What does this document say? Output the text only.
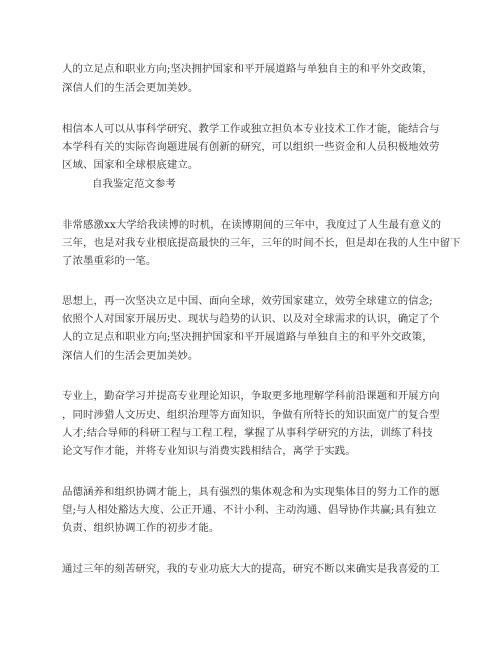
人的立足点和职业方向;坚决拥护国家和平开展道路与单独自主的和平外交政策，
深信人们的生活会更加美妙。
相信本人可以从事科学研究、教学工作或独立担负本专业技术工作才能，能结合与
本学科有关的实际咨询题进展有创新的研究，可以组织一些资金和人员积极地效劳
区域、国家和全球根底建立。
自我鉴定范文参考
非常感激xx大学给我读博的时机，在读博期间的三年中，我度过了人生最有意义的
三年，也是对我专业根底提高最快的三年，三年的时间不长，但是却在我的人生中留下
了浓墨重彩的一笔。
思想上，再一次坚决立足中国、面向全球，效劳国家建立，效劳全球建立的信念;
依照个人对国家开展历史、现状与趋势的认识、以及对全球需求的认识，确定了个
人的立足点和职业方向;坚决拥护国家和平开展道路与单独自主的和平外交政策，
深信人们的生活会更加美妙。
专业上，勤奋学习并提高专业理论知识，争取更多地理解学科前沿课题和开展方向
，同时涉猎人文历史、组织治理等方面知识，争做有所特长的知识面宽广的复合型
人才;结合导师的科研工程与工程工程，掌握了从事科学研究的方法，训练了科技
论文写作才能，并将专业知识与消费实践相结合，离学于实践。
品德涵养和组织协调才能上，具有强烈的集体观念和为实现集体目的努力工作的愿
望;与人相处豁达大度、公正开通、不计小利、主动沟通、倡导协作共赢;具有独立
负责、组织协调工作的初步才能。
通过三年的刻苦研究，我的专业功底大大的提高，研究不断以来确实是我喜爱的工
